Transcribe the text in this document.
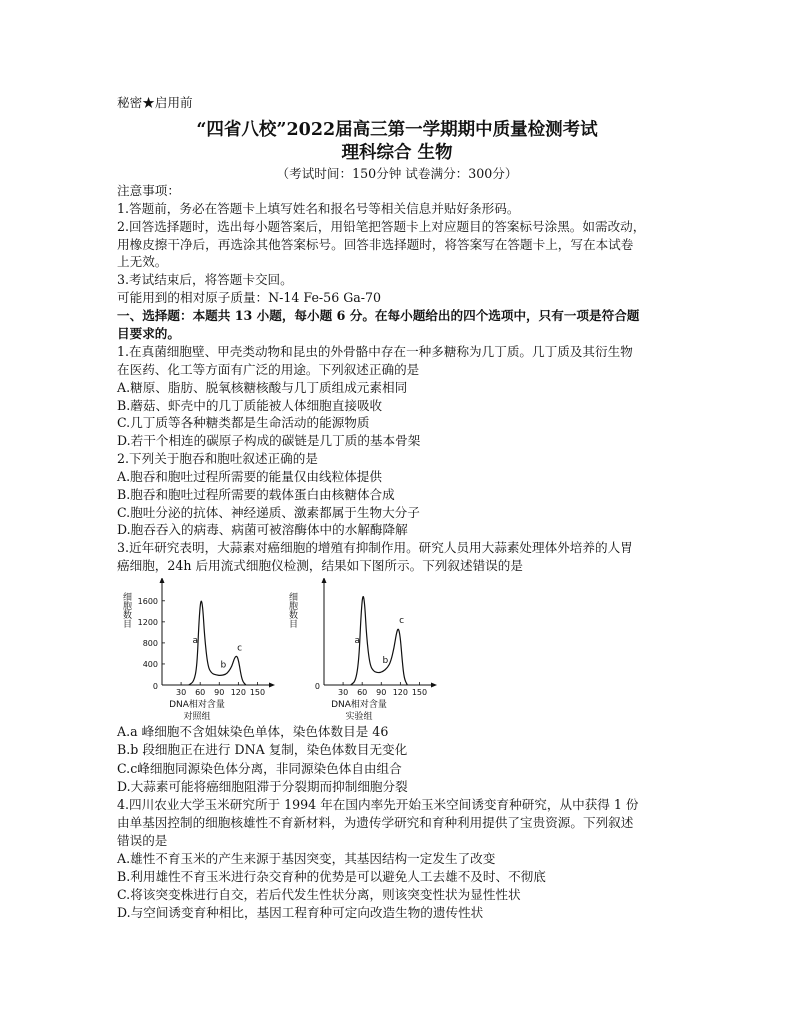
秘密★启用前
“四省八校”2022届高三第一学期期中质量检测考试
理科综合 生物
（考试时间：150分钟 试卷满分：300分）
注意事项：
1.答题前，务必在答题卡上填写姓名和报名号等相关信息并贴好条形码。
2.回答选择题时，选出每小题答案后，用铅笔把答题卡上对应题目的答案标号涂黑。如需改动，
用橡皮擦干净后，再选涂其他答案标号。回答非选择题时，将答案写在答题卡上，写在本试卷
上无效。
3.考试结束后，将答题卡交回。
可能用到的相对原子质量：N-14 Fe-56 Ga-70
一、选择题：本题共 13 小题，每小题 6 分。在每小题给出的四个选项中，只有一项是符合题
目要求的。
1.在真菌细胞壁、甲壳类动物和昆虫的外骨骼中存在一种多糖称为几丁质。几丁质及其衍生物
在医药、化工等方面有广泛的用途。下列叙述正确的是
A.糖原、脂肪、脱氧核糖核酸与几丁质组成元素相同
B.蘑菇、虾壳中的几丁质能被人体细胞直接吸收
C.几丁质等各种糖类都是生命活动的能源物质
D.若干个相连的碳原子构成的碳链是几丁质的基本骨架
2.下列关于胞吞和胞吐叙述正确的是
A.胞吞和胞吐过程所需要的能量仅由线粒体提供
B.胞吞和胞吐过程所需要的载体蛋白由核糖体合成
C.胞吐分泌的抗体、神经递质、激素都属于生物大分子
D.胞吞吞入的病毒、病菌可被溶酶体中的水解酶降解
3.近年研究表明，大蒜素对癌细胞的增殖有抑制作用。研究人员用大蒜素处理体外培养的人胃
癌细胞，24h 后用流式细胞仪检测，结果如下图所示。下列叙述错误的是
0
30 60 90 120 150
400
800
1200
1600
细胞数目
a
b
c
DNA相对含量
对照组
0
30 60 90 120 150
细胞数目
a
b
c
DNA相对含量
实验组
A.a 峰细胞不含姐妹染色单体，染色体数目是 46
B.b 段细胞正在进行 DNA 复制，染色体数目无变化
C.c峰细胞同源染色体分离，非同源染色体自由组合
D.大蒜素可能将癌细胞阻滞于分裂期而抑制细胞分裂
4.四川农业大学玉米研究所于 1994 年在国内率先开始玉米空间诱变育种研究，从中获得 1 份
由单基因控制的细胞核雄性不育新材料，为遗传学研究和育种利用提供了宝贵资源。下列叙述
错误的是
A.雄性不育玉米的产生来源于基因突变，其基因结构一定发生了改变
B.利用雄性不育玉米进行杂交育种的优势是可以避免人工去雄不及时、不彻底
C.将该突变株进行自交，若后代发生性状分离，则该突变性状为显性性状
D.与空间诱变育种相比，基因工程育种可定向改造生物的遗传性状
